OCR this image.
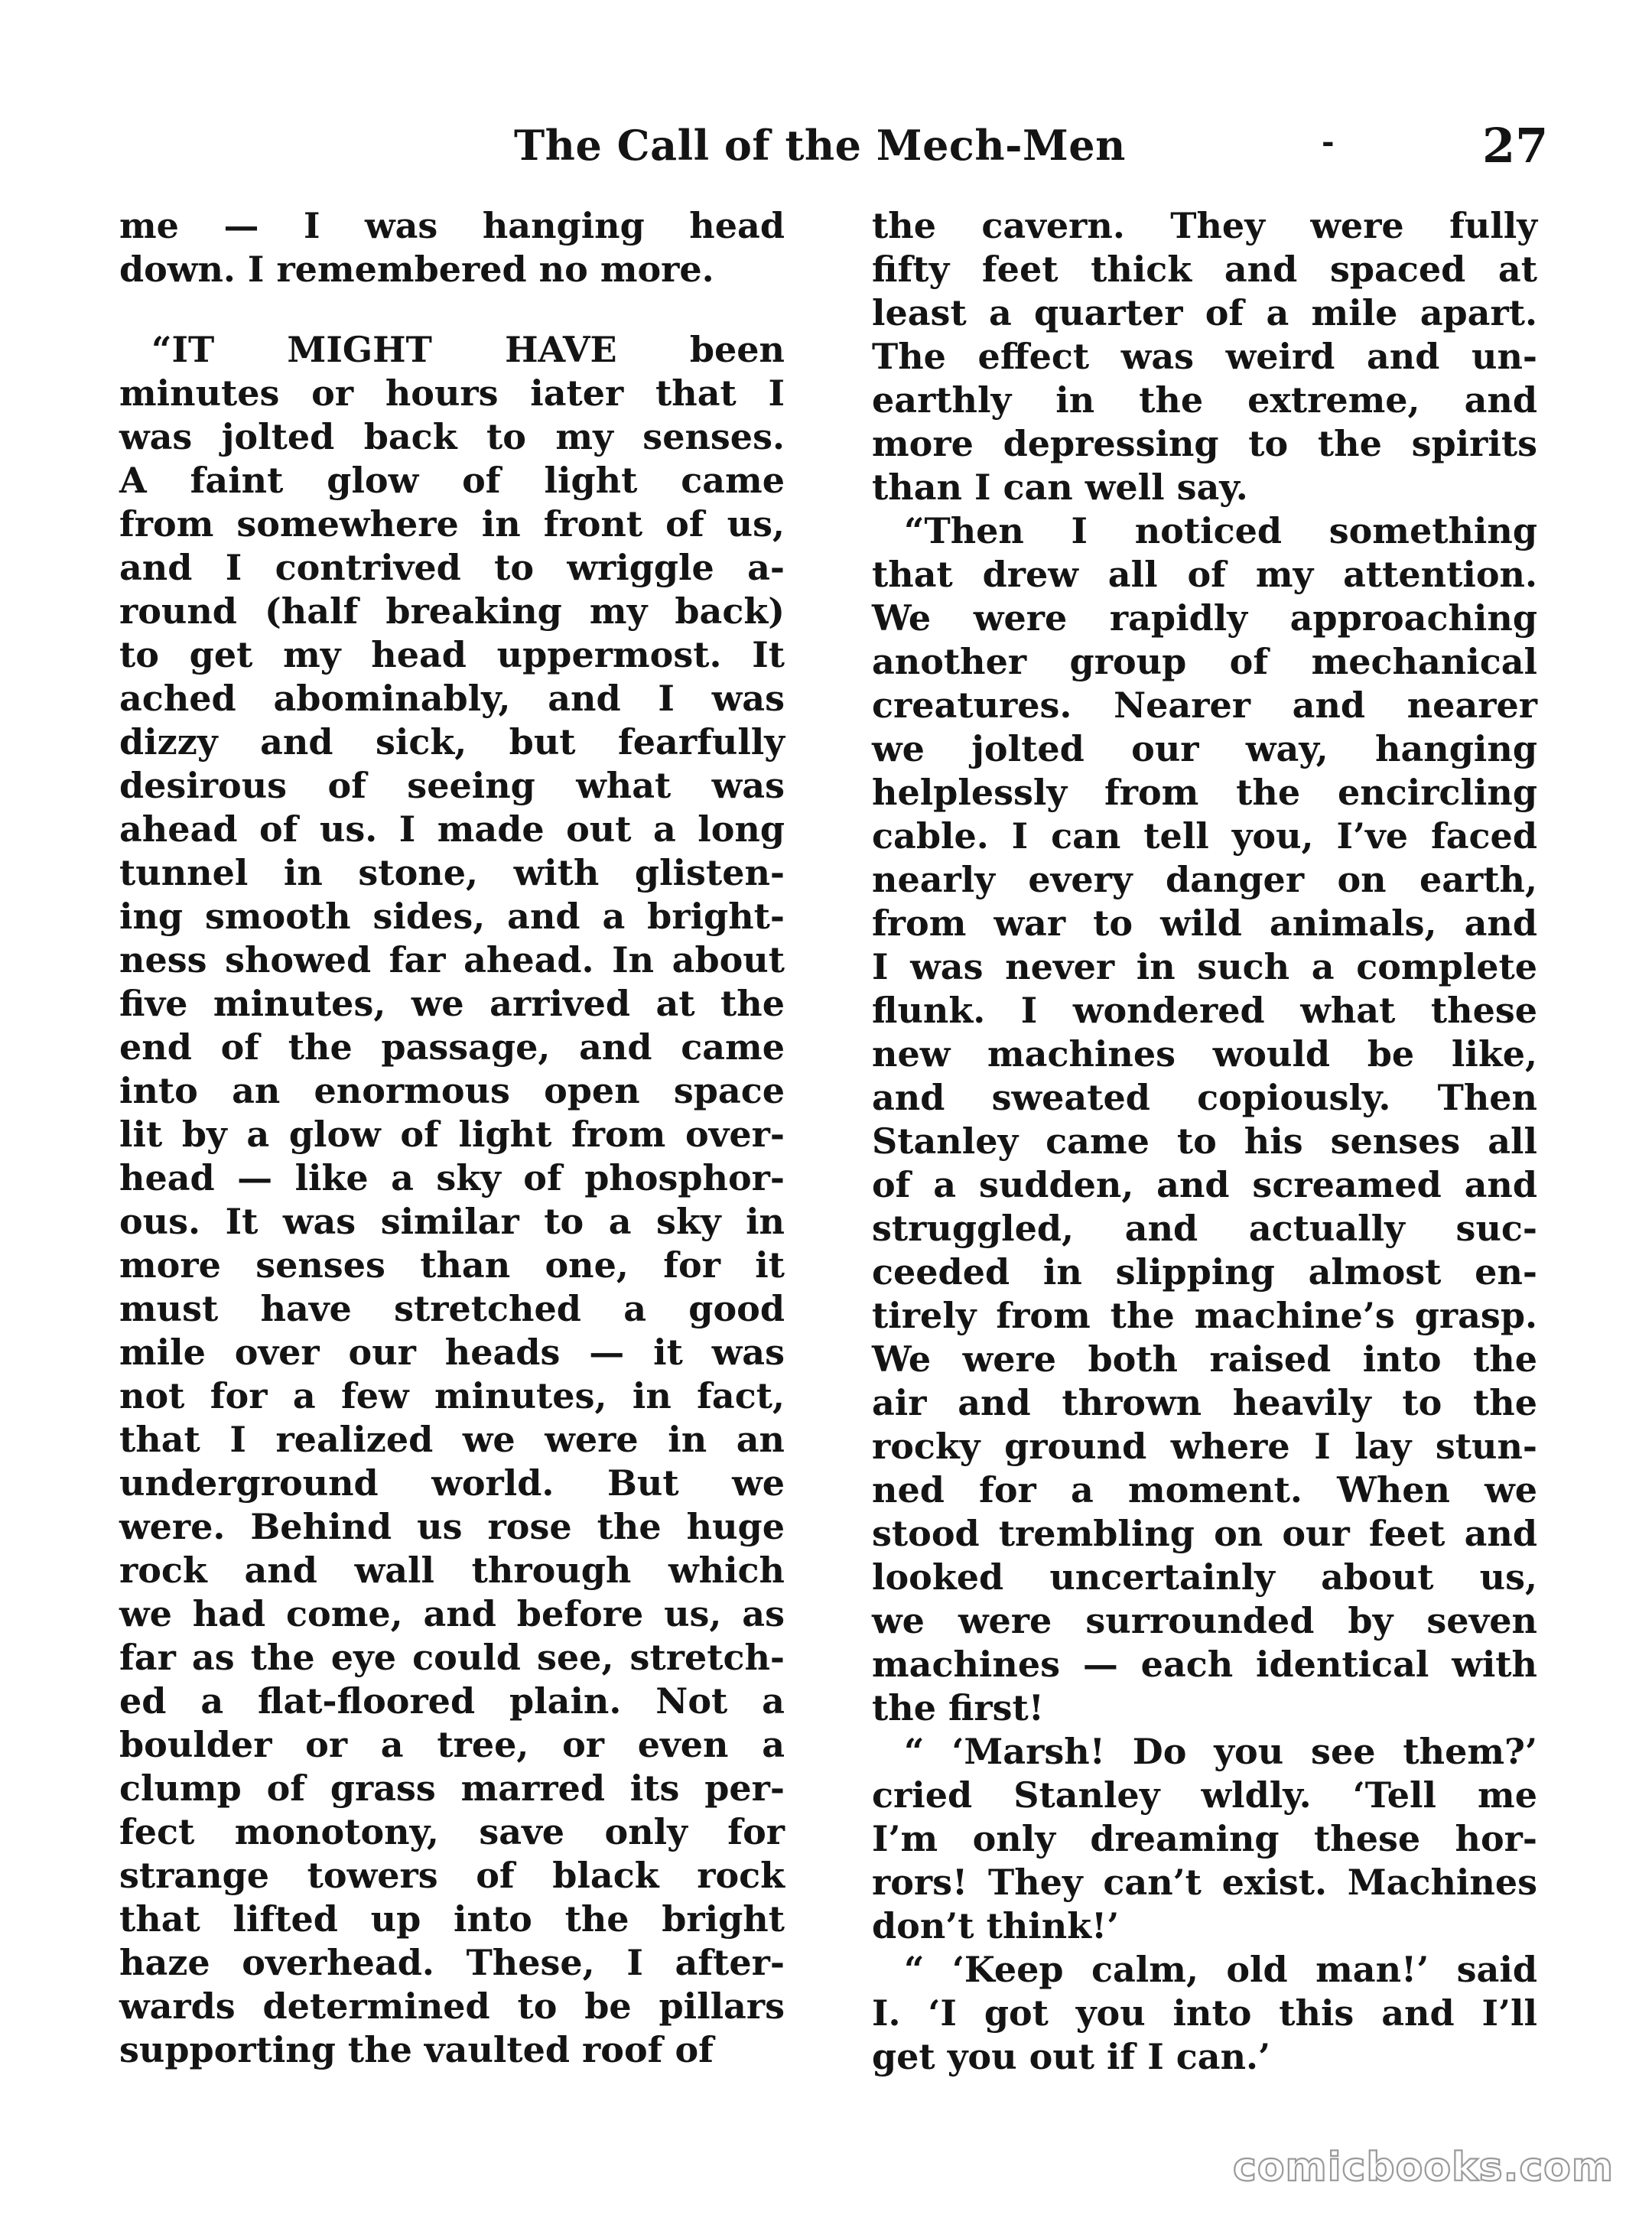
The Call of the Mech-Men	-	27
me — I was hanging head
down. I remembered no more.
“IT MIGHT HAVE been
minutes or hours iater that I
was jolted back to my senses.
A faint glow of light came
from somewhere in front of us,
and I contrived to wriggle a-
round (half breaking my back)
to get my head uppermost. It
ached abominably, and I was
dizzy and sick, but fearfully
desirous of seeing what was
ahead of us. I made out a long
tunnel in stone, with glisten-
ing smooth sides, and a bright-
ness showed far ahead. In about
five minutes, we arrived at the
end of the passage, and came
into an enormous open space
lit by a glow of light from over-
head — like a sky of phosphor-
ous. It was similar to a sky in
more senses than one, for it
must have stretched a good
mile over our heads — it was
not for a few minutes, in fact,
that I realized we were in an
underground world. But we
were. Behind us rose the huge
rock and wall through which
we had come, and before us, as
far as the eye could see, stretch-
ed a flat-floored plain. Not a
boulder or a tree, or even a
clump of grass marred its per-
fect monotony, save only for
strange towers of black rock
that lifted up into the bright
haze overhead. These, I after-
wards determined to be pillars
supporting the vaulted roof of
the cavern. They were fully
fifty feet thick and spaced at
least a quarter of a mile apart.
The effect was weird and un-
earthly in the extreme, and
more depressing to the spirits
than I can well say.
“Then I noticed something
that drew all of my attention.
We were rapidly approaching
another group of mechanical
creatures. Nearer and nearer
we jolted our way, hanging
helplessly from the encircling
cable. I can tell you, I’ve faced
nearly every danger on earth,
from war to wild animals, and
I was never in such a complete
flunk. I wondered what these
new machines would be like,
and sweated copiously. Then
Stanley came to his senses all
of a sudden, and screamed and
struggled, and actually suc-
ceeded in slipping almost en-
tirely from the machine’s grasp.
We were both raised into the
air and thrown heavily to the
rocky ground where I lay stun-
ned for a moment. When we
stood trembling on our feet and
looked uncertainly about us,
we were surrounded by seven
machines — each identical with
the first!
“ ‘Marsh! Do you see them?’
cried Stanley wldly. ‘Tell me
I’m only dreaming these hor-
rors! They can’t exist. Machines
don’t think!’
“ ‘Keep calm, old man!’ said
I. ‘I got you into this and I’ll
get you out if I can.’
comicbooks.com
